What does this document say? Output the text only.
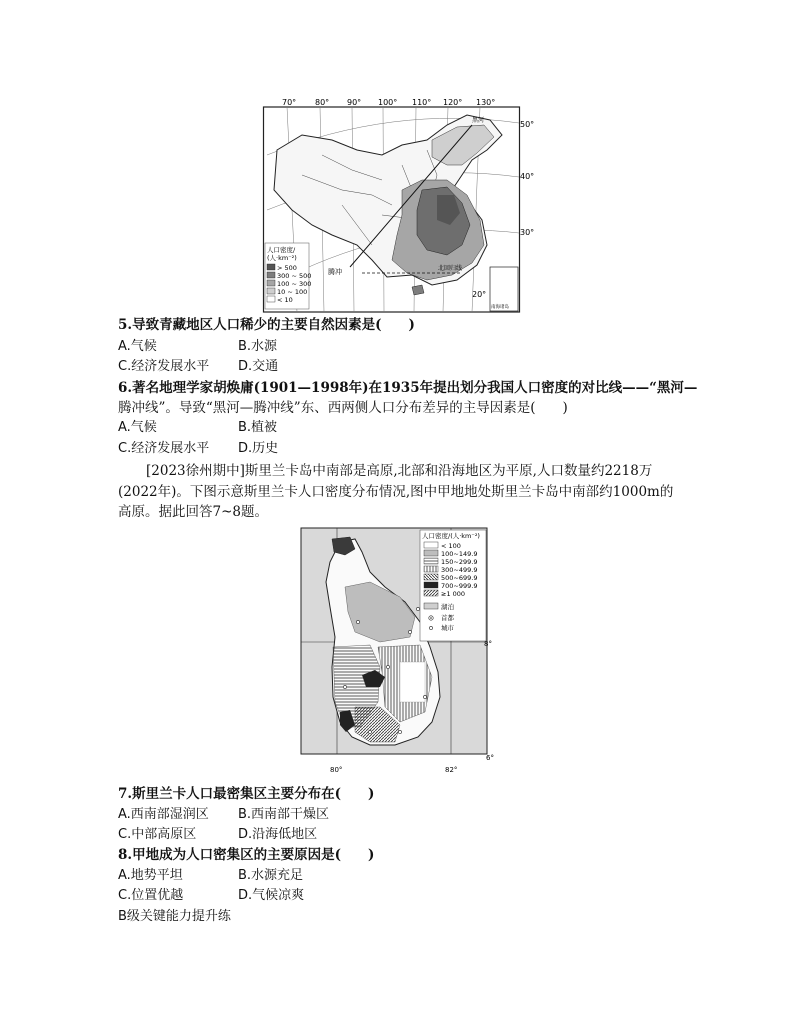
70° 80° 90° 100° 110° 120° 130°
50°
40°
30°
20°
腾冲
黑河
北回归线
南海诸岛
人口密度/
(人·km⁻²)
> 500
300 ~ 500
100 ~ 300
10 ~ 100
< 10
5.导致青藏地区人口稀少的主要自然因素是(　　)
A.气候	B.水源
C.经济发展水平 D.交通
6.著名地理学家胡焕庸(1901—1998年)在1935年提出划分我国人口密度的对比线——“黑河—
腾冲线”。导致“黑河—腾冲线”东、西两侧人口分布差异的主导因素是(　　)
A.气候	B.植被
C.经济发展水平 D.历史
[2023徐州期中]斯里兰卡岛中南部是高原,北部和沿海地区为平原,人口数量约2218万
(2022年)。下图示意斯里兰卡人口密度分布情况,图中甲地地处斯里兰卡岛中南部约1000m的
高原。据此回答7~8题。
人口密度/(人·km⁻²)
< 100
100~149.9
150~299.9
300~499.9
500~699.9
700~999.9
≥1 000
湖泊
首都
城市
8°
6°
80°	82°
7.斯里兰卡人口最密集区主要分布在(　　)
A.西南部湿润区 B.西南部干燥区
C.中部高原区	D.沿海低地区
8.甲地成为人口密集区的主要原因是(　　)
A.地势平坦	B.水源充足
C.位置优越	D.气候凉爽
B级关键能力提升练
